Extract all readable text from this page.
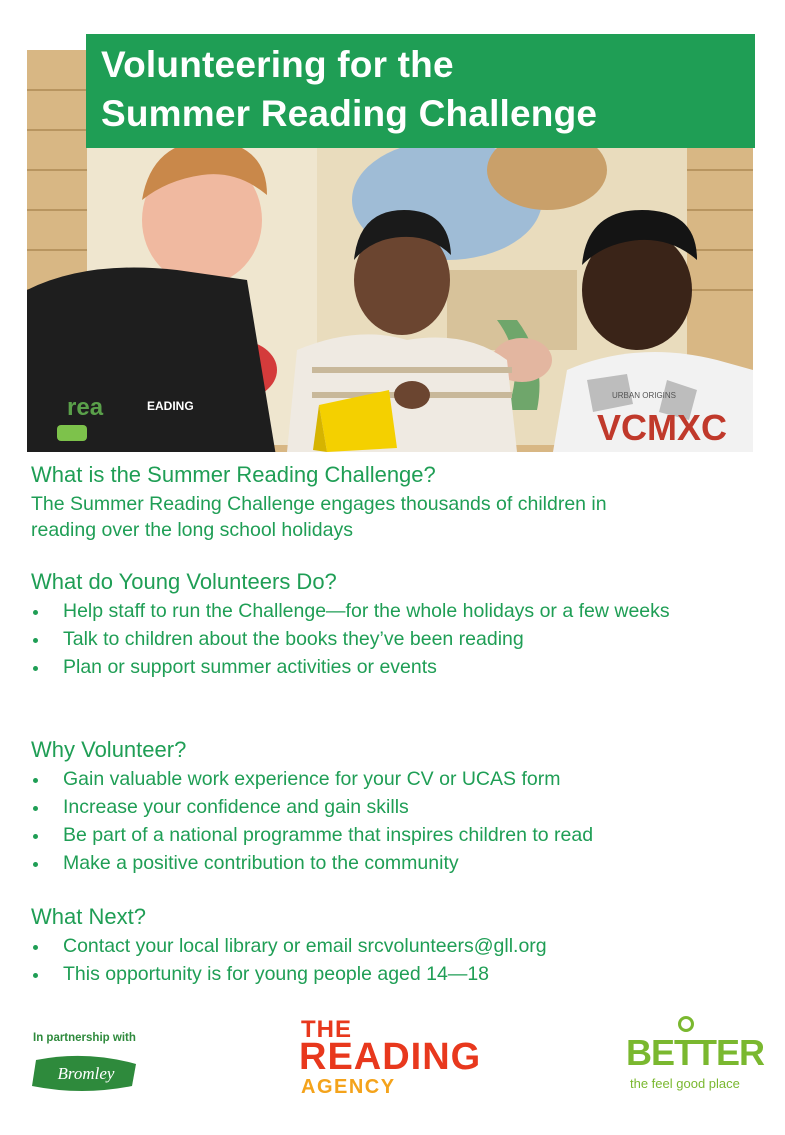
rea	EADING
VCMXC
URBAN ORIGINS
Volunteering for the
Summer Reading Challenge
What is the Summer Reading Challenge?

The Summer Reading Challenge engages thousands of children in
reading over the long school holidays

What do Young Volunteers Do?
Help staff to run the Challenge—for the whole holidays or a few weeks
Talk to children about the books they’ve been reading
Plan or support summer activities or events
Why Volunteer?
Gain valuable work experience for your CV or UCAS form
Increase your confidence and gain skills
Be part of a national programme that inspires children to read
Make a positive contribution to the community
What Next?
Contact your local library or email srcvolunteers@gll.org
This opportunity is for young people aged 14—18
In partnership with
Bromley
THE
READING
AGENCY
BETTER
the feel good place
